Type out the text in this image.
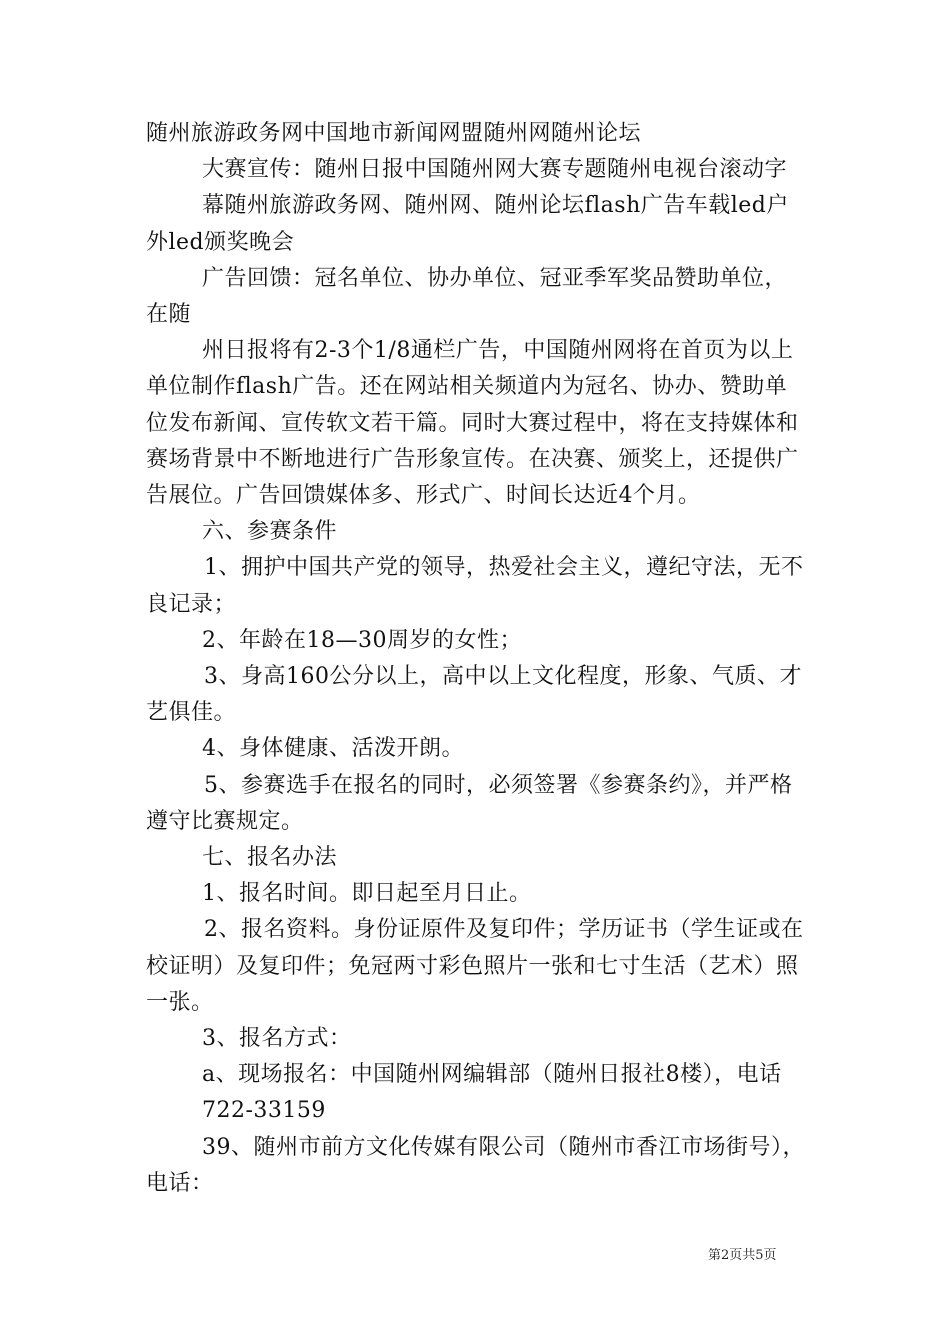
随州旅游政务网中国地市新闻网盟随州网随州论坛

大赛宣传：随州日报中国随州网大赛专题随州电视台滚动字

幕随州旅游政务网、随州网、随州论坛flash广告车载led户外led颁奖晚会

广告回馈：冠名单位、协办单位、冠亚季军奖品赞助单位，在随

州日报将有2-3个1/8通栏广告，中国随州网将在首页为以上单位制作flash广告。还在网站相关频道内为冠名、协办、赞助单位发布新闻、宣传软文若干篇。同时大赛过程中，将在支持媒体和赛场背景中不断地进行广告形象宣传。在决赛、颁奖上，还提供广告展位。广告回馈媒体多、形式广、时间长达近4个月。

六、参赛条件

1、拥护中国共产党的领导，热爱社会主义，遵纪守法，无不良记录；

2、年龄在18—30周岁的女性；

3、身高160公分以上，高中以上文化程度，形象、气质、才艺俱佳。

4、身体健康、活泼开朗。

5、参赛选手在报名的同时，必须签署《参赛条约》，并严格遵守比赛规定。

七、报名办法

1、报名时间。即日起至月日止。

2、报名资料。身份证原件及复印件；学历证书（学生证或在校证明）及复印件；免冠两寸彩色照片一张和七寸生活（艺术）照一张。

3、报名方式：

a、现场报名：中国随州网编辑部（随州日报社8楼），电话

722-33159

39、随州市前方文化传媒有限公司（随州市香江市场街号），电话：

第2页共5页
